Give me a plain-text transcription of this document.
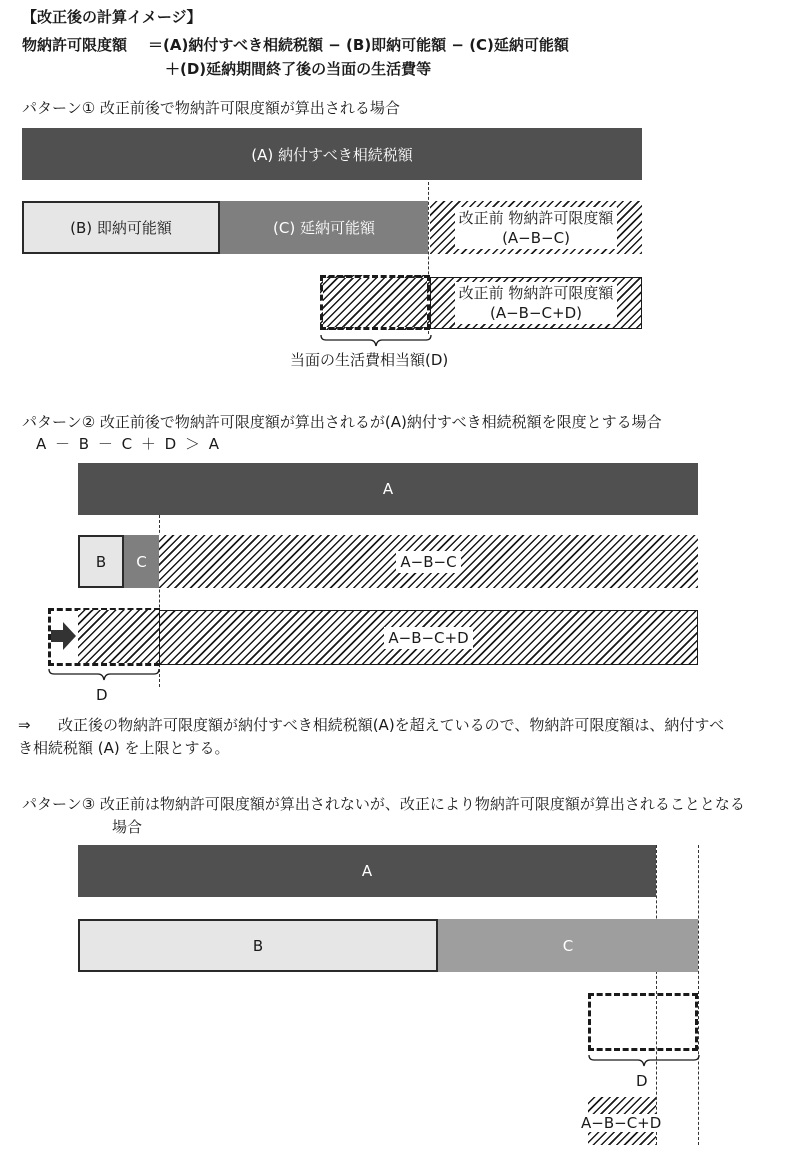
【改正後の計算イメージ】
物納許可限度額 ＝(A)納付すべき相続税額 − (B)即納可能額 − (C)延納可能額
＋(D)延納期間終了後の当面の生活費等
パターン① 改正前後で物納許可限度額が算出される場合
(A) 納付すべき相続税額
(B) 即納可能額	(C) 延納可能額
改正前 物納許可限度額
(A−B−C)
改正前 物納許可限度額
(A−B−C+D)
当面の生活費相当額(D)
パターン② 改正前後で物納許可限度額が算出されるが(A)納付すべき相続税額を限度とする場合
A － B － C ＋ D ＞ A
A
B C	A−B−C
A−B−C+D
D
⇒ 改正後の物納許可限度額が納付すべき相続税額(A)を超えているので、物納許可限度額は、納付すべ
き相続税額 (A) を上限とする。
パターン③ 改正前は物納許可限度額が算出されないが、改正により物納許可限度額が算出されることとなる
場合
A
B	C
D
A−B−C+D
